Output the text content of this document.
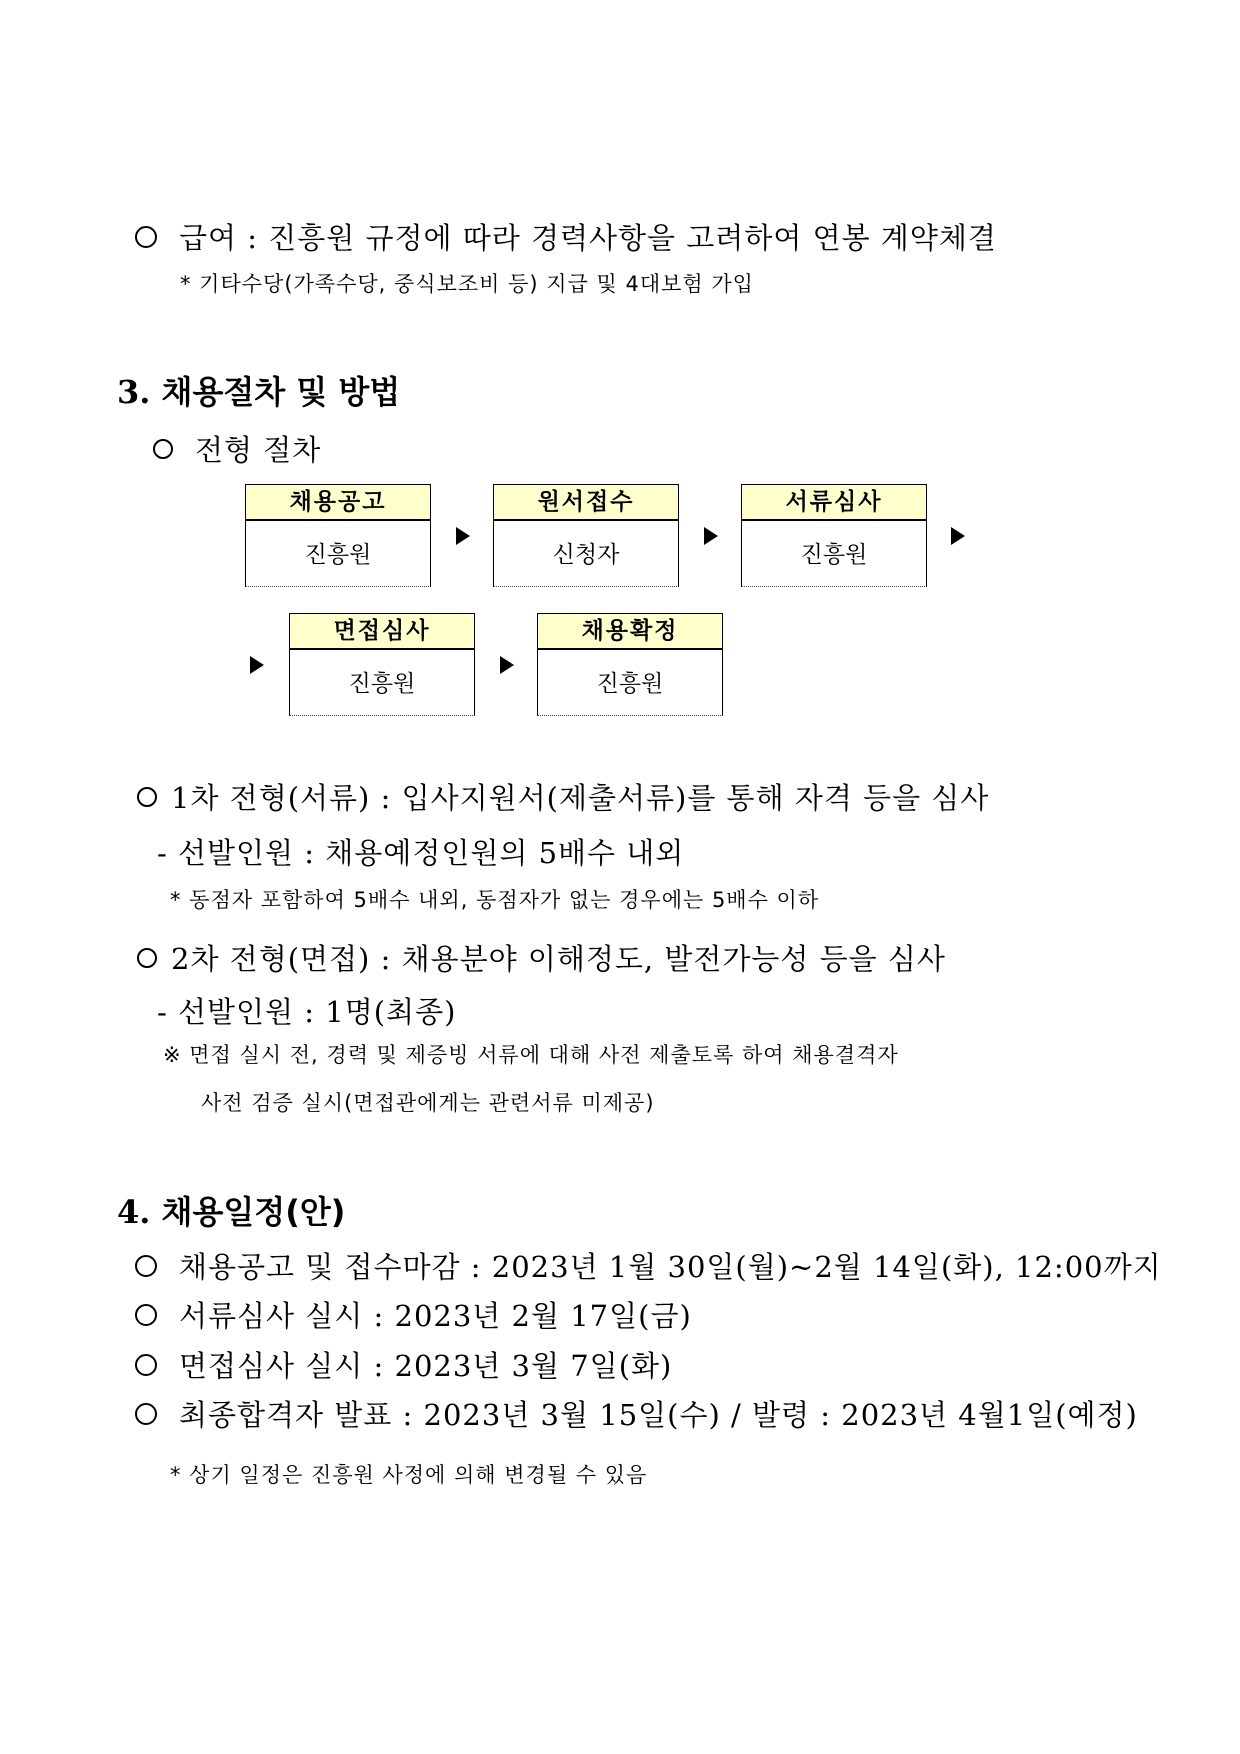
급여 : 진흥원 규정에 따라 경력사항을 고려하여 연봉 계약체결
* 기타수당(가족수당, 중식보조비 등) 지급 및 4대보험 가입
3. 채용절차 및 방법
전형 절차
채용공고
진흥원
원서접수
신청자
서류심사
진흥원
면접심사
진흥원
채용확정
진흥원
1차 전형(서류) : 입사지원서(제출서류)를 통해 자격 등을 심사
- 선발인원 : 채용예정인원의 5배수 내외
* 동점자 포함하여 5배수 내외, 동점자가 없는 경우에는 5배수 이하
2차 전형(면접) : 채용분야 이해정도, 발전가능성 등을 심사
- 선발인원 : 1명(최종)
※ 면접 실시 전, 경력 및 제증빙 서류에 대해 사전 제출토록 하여 채용결격자
사전 검증 실시(면접관에게는 관련서류 미제공)
4. 채용일정(안)
채용공고 및 접수마감 : 2023년 1월 30일(월)~2월 14일(화), 12:00까지
서류심사 실시 : 2023년 2월 17일(금)
면접심사 실시 : 2023년 3월 7일(화)
최종합격자 발표 : 2023년 3월 15일(수) / 발령 : 2023년 4월1일(예정)
* 상기 일정은 진흥원 사정에 의해 변경될 수 있음
